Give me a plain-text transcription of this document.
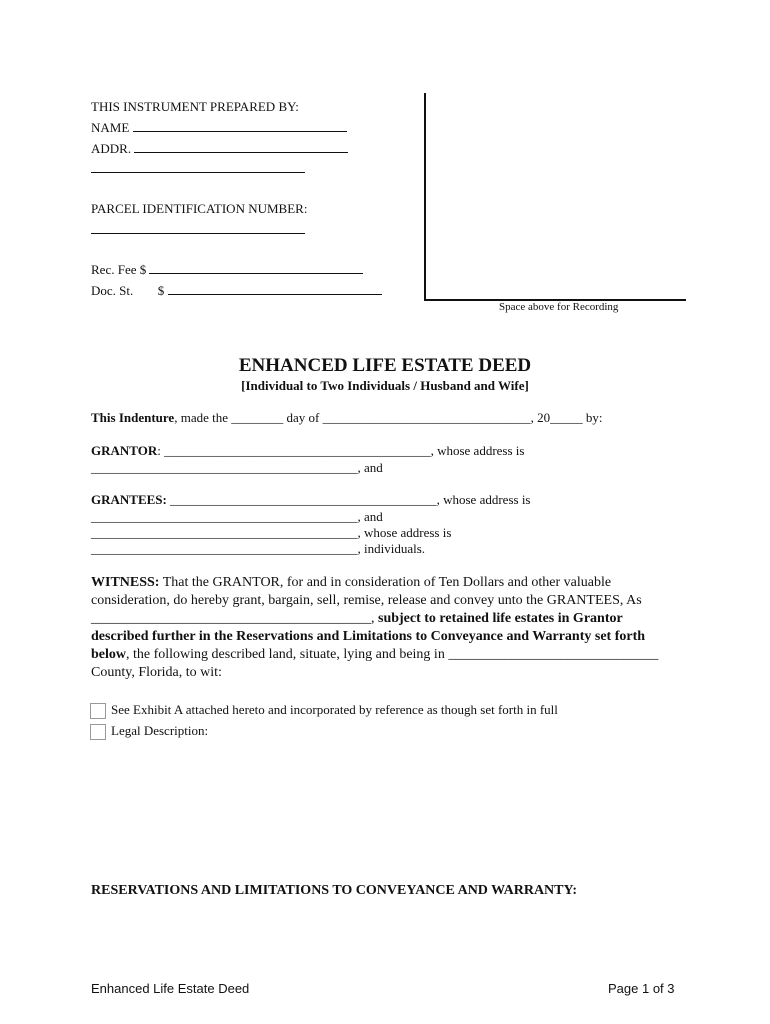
THIS INSTRUMENT PREPARED BY:
NAME
ADDR.
PARCEL IDENTIFICATION NUMBER:
Rec. Fee $
Doc. St. $
Space above for Recording
ENHANCED LIFE ESTATE DEED
[Individual to Two Individuals / Husband and Wife]
This Indenture, made the ________ day of ________________________________, 20_____ by:
GRANTOR: _________________________________________, whose address is
_________________________________________, and
GRANTEES: _________________________________________, whose address is
_________________________________________, and
_________________________________________, whose address is
_________________________________________, individuals.
WITNESS: That the GRANTOR, for and in consideration of Ten Dollars and other valuable consideration, do hereby grant, bargain, sell, remise, release and convey unto the GRANTEES, As ________________________________________, subject to retained life estates in Grantor described further in the Reservations and Limitations to Conveyance and Warranty set forth below, the following described land, situate, lying and being in ______________________________ County, Florida, to wit:
See Exhibit A attached hereto and incorporated by reference as though set forth in full
Legal Description:
RESERVATIONS AND LIMITATIONS TO CONVEYANCE AND WARRANTY:
Enhanced Life Estate Deed	Page 1 of 3
